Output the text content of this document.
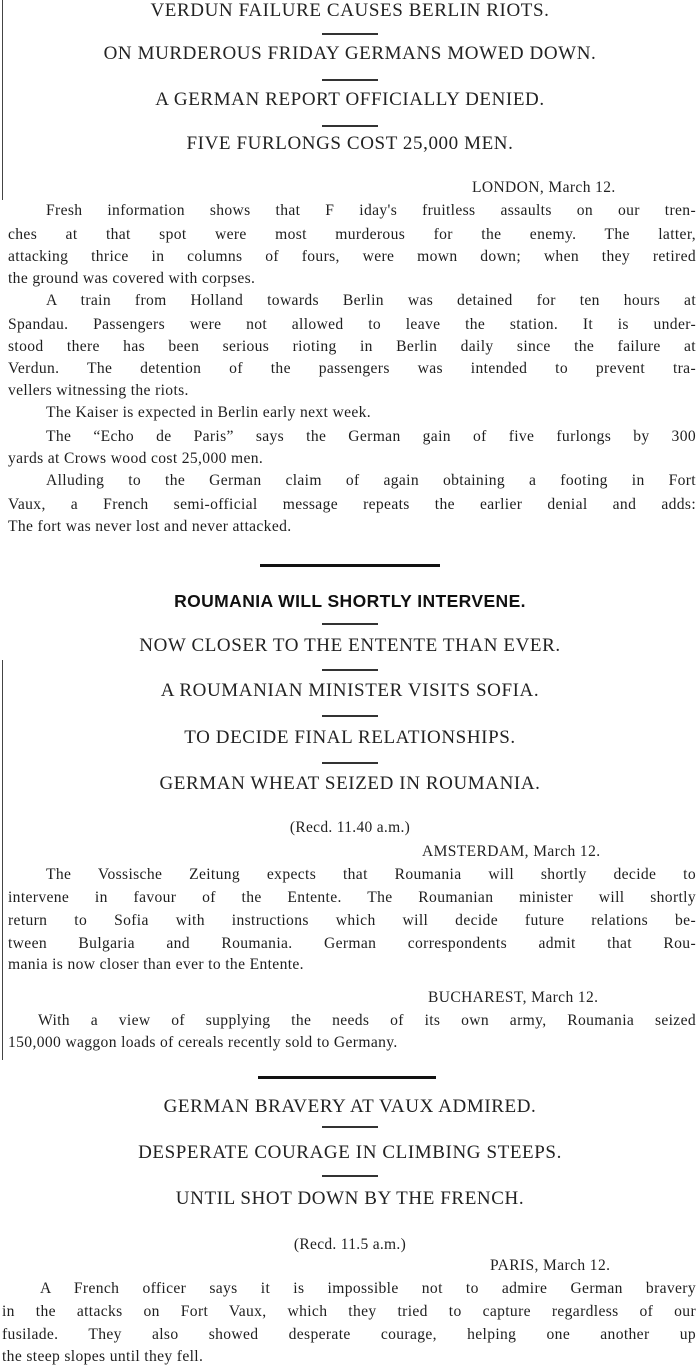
VERDUN FAILURE CAUSES BERLIN RIOTS.
ON MURDEROUS FRIDAY GERMANS MOWED DOWN.
A GERMAN REPORT OFFICIALLY DENIED.
FIVE FURLONGS COST 25,000 MEN.
LONDON, March 12.
Fresh information shows that F iday's fruitless assaults on our tren-
ches at that spot were most murderous for the enemy. The latter,
attacking thrice in columns of fours, were mown down; when they retired
the ground was covered with corpses.
A train from Holland towards Berlin was detained for ten hours at
Spandau. Passengers were not allowed to leave the station. It is under-
stood there has been serious rioting in Berlin daily since the failure at
Verdun. The detention of the passengers was intended to prevent tra-
vellers witnessing the riots.
The Kaiser is expected in Berlin early next week.
The “Echo de Paris” says the German gain of five furlongs by 300
yards at Crows wood cost 25,000 men.
Alluding to the German claim of again obtaining a footing in Fort
Vaux, a French semi-official message repeats the earlier denial and adds:
The fort was never lost and never attacked.
ROUMANIA WILL SHORTLY INTERVENE.
NOW CLOSER TO THE ENTENTE THAN EVER.
A ROUMANIAN MINISTER VISITS SOFIA.
TO DECIDE FINAL RELATIONSHIPS.
GERMAN WHEAT SEIZED IN ROUMANIA.
(Recd. 11.40 a.m.)
AMSTERDAM, March 12.
The Vossische Zeitung expects that Roumania will shortly decide to
intervene in favour of the Entente. The Roumanian minister will shortly
return to Sofia with instructions which will decide future relations be-
tween Bulgaria and Roumania. German correspondents admit that Rou-
mania is now closer than ever to the Entente.
BUCHAREST, March 12.
With a view of supplying the needs of its own army, Roumania seized
150,000 waggon loads of cereals recently sold to Germany.
GERMAN BRAVERY AT VAUX ADMIRED.
DESPERATE COURAGE IN CLIMBING STEEPS.
UNTIL SHOT DOWN BY THE FRENCH.
(Recd. 11.5 a.m.)
PARIS, March 12.
A French officer says it is impossible not to admire German bravery
in the attacks on Fort Vaux, which they tried to capture regardless of our
fusilade. They also showed desperate courage, helping one another up
the steep slopes until they fell.
